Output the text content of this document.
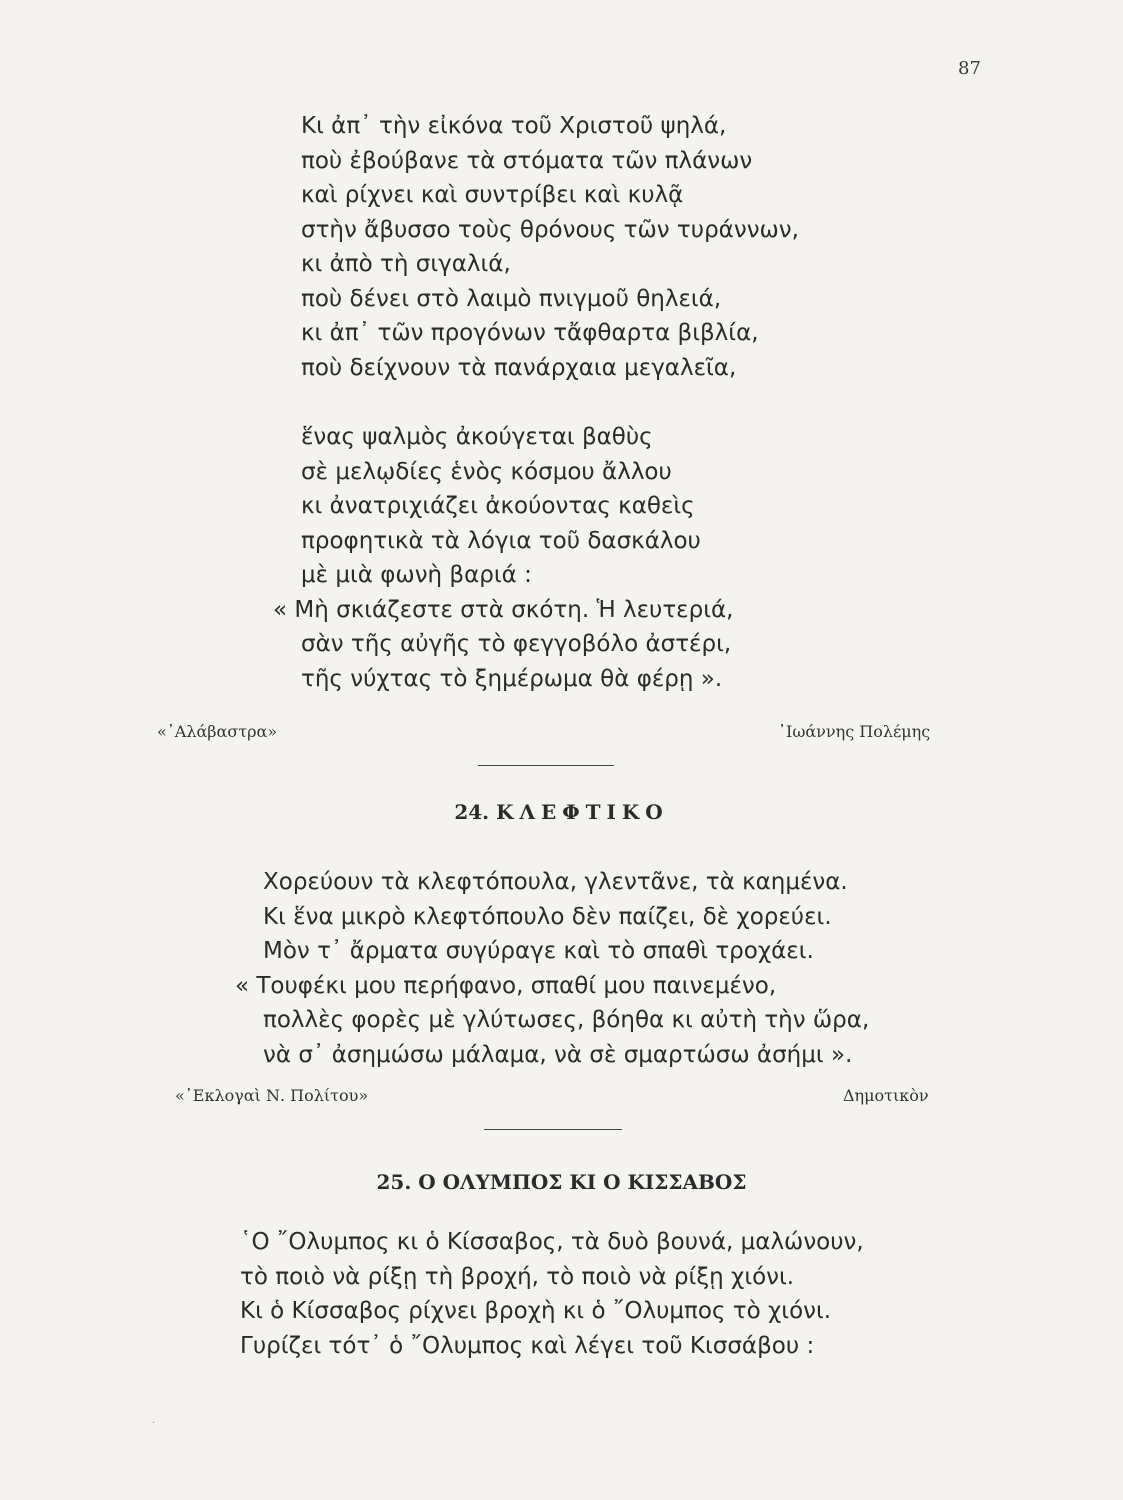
87
Κι ἀπ᾽ τὴν εἰκόνα τοῦ Χριστοῦ ψηλά,
ποὺ ἐβούβανε τὰ στόματα τῶν πλάνων
καὶ ρίχνει καὶ συντρίβει καὶ κυλᾷ
στὴν ἄβυσσο τοὺς θρόνους τῶν τυράννων,
κι ἀπὸ τὴ σιγαλιά,
ποὺ δένει στὸ λαιμὸ πνιγμοῦ θηλειά,
κι ἀπ᾽ τῶν προγόνων τἄφθαρτα βιβλία,
ποὺ δείχνουν τὰ πανάρχαια μεγαλεῖα,
ἕνας ψαλμὸς ἀκούγεται βαθὺς
σὲ μελῳδίες ἑνὸς κόσμου ἄλλου
κι ἀνατριχιάζει ἀκούοντας καθεὶς
προφητικὰ τὰ λόγια τοῦ δασκάλου
μὲ μιὰ φωνὴ βαριά :
« Μὴ σκιάζεστε στὰ σκότη. Ἡ λευτεριά,
σὰν τῆς αὐγῆς τὸ φεγγοβόλο ἀστέρι,
τῆς νύχτας τὸ ξημέρωμα θὰ φέρῃ ».
«᾽Αλάβαστρα»	᾽Ιωάννης Πολέμης
24. ΚΛΕΦΤΙΚΟ
Χορεύουν τὰ κλεφτόπουλα, γλεντᾶνε, τὰ καημένα.
Κι ἕνα μικρὸ κλεφτόπουλο δὲν παίζει, δὲ χορεύει.
Μὸν τ᾽ ἄρματα συγύραγε καὶ τὸ σπαθὶ τροχάει.
« Τουφέκι μου περήφανο, σπαθί μου παινεμένο,
πολλὲς φορὲς μὲ γλύτωσες, βόηθα κι αὐτὴ τὴν ὥρα,
νὰ σ᾽ ἀσημώσω μάλαμα, νὰ σὲ σμαρτώσω ἀσήμι ».
«᾽Εκλογαὶ Ν. Πολίτου»	Δημοτικὸν
25. Ο ΟΛΥΜΠΟΣ ΚΙ Ο ΚΙΣΣΑΒΟΣ
῾Ο ῎Ολυμπος κι ὁ Κίσσαβος, τὰ δυὸ βουνά, μαλώνουν,
τὸ ποιὸ νὰ ρίξῃ τὴ βροχή, τὸ ποιὸ νὰ ρίξῃ χιόνι.
Κι ὁ Κίσσαβος ρίχνει βροχὴ κι ὁ ῎Ολυμπος τὸ χιόνι.
Γυρίζει τότ᾽ ὁ ῎Ολυμπος καὶ λέγει τοῦ Κισσάβου :
·
